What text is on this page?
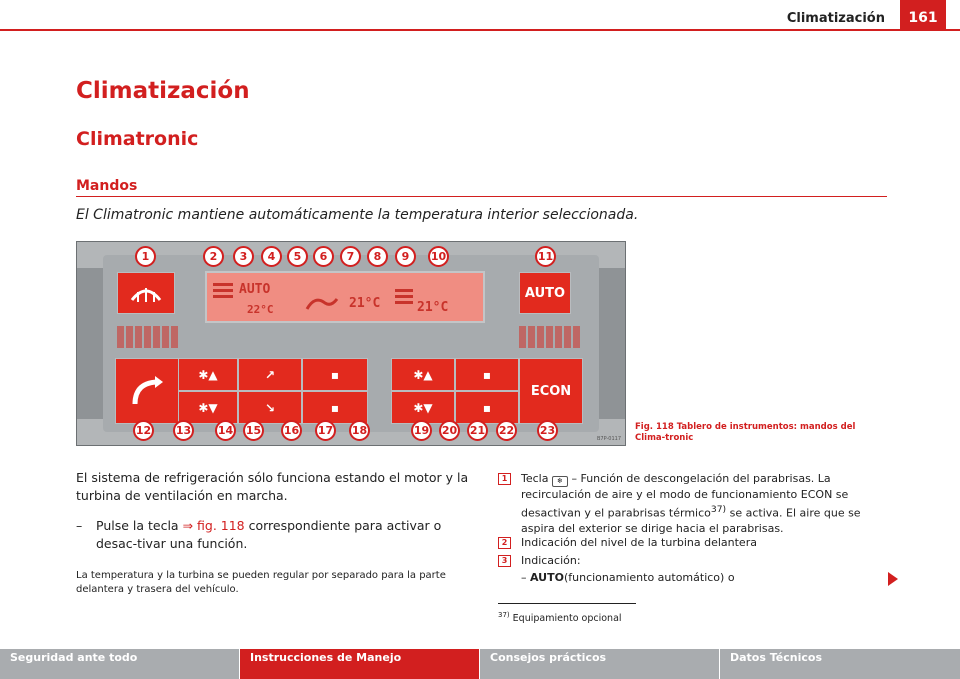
Climatización	161
Climatización
Climatronic
Mandos
El Climatronic mantiene automáticamente la temperatura interior seleccionada.
AUTO
22°C	21°C	21°C
AUTO
✱▲
✱▼
↗
↘
▪
▪
✱▲
✱▼
▪
▪
ECON
1	2	3	4	5	6	7	8	9	10	11
12 13 14 15 16 17 18	19 20 21 22 23
B7P-0117
Fig. 118 Tablero de instrumentos: mandos del Clima-tronic
El sistema de refrigeración sólo funciona estando el motor y la turbina de ventilación en marcha.
– Pulse la tecla ⇒ fig. 118 correspondiente para activar o desac-tivar una función.
La temperatura y la turbina se pueden regular por separado para la parte delantera y trasera del vehículo.
1	Tecla ❄ – Función de descongelación del parabrisas. La recirculación de aire y el modo de funcionamiento ECON se desactivan y el parabrisas térmico$^{37)}$ se activa. El aire que se aspira del exterior se dirige hacia el parabrisas.
2	Indicación del nivel de la turbina delantera
3	Indicación:
– AUTO(funcionamiento automático) o
$^{37)}$ Equipamiento opcional
Seguridad ante todo	Instrucciones de Manejo	Consejos prácticos	Datos Técnicos
